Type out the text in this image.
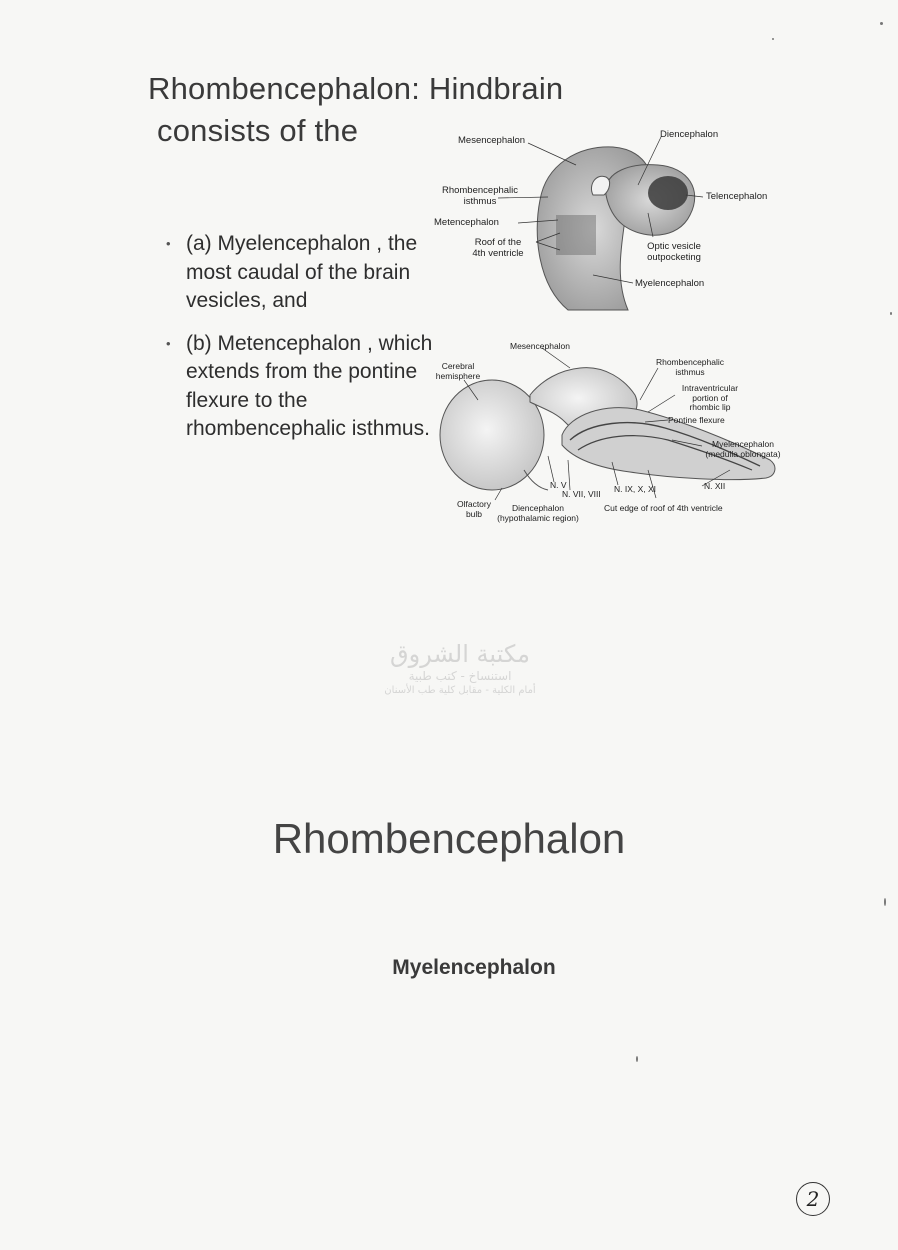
Rhombencephalon: Hindbrain
consists of the
• (a) Myelencephalon , the most caudal of the brain vesicles, and
• (b) Metencephalon , which extends from the pontine flexure to the rhombencephalic isthmus.
Mesencephalon
Diencephalon
Rhombencephalic
isthmus	Telencephalon
Metencephalon
Roof of the
4th ventricle
Optic vesicle
outpocketing
Myelencephalon
Mesencephalon
Cerebral
hemisphere
Rhombencephalic
isthmus
Intraventricular
portion of
rhombic lip
Pontine flexure
Myelencephalon
(medulla oblongata)
N. V
N. VII, VIII N. IX, X, XI	N. XII
Olfactory
bulb
Diencephalon
(hypothalamic region)
Cut edge of roof of 4th ventricle
مكتبة الشروق
استنساخ - كتب طبية
أمام الكلية - مقابل كلية طب الأسنان
Rhombencephalon
Myelencephalon
2
